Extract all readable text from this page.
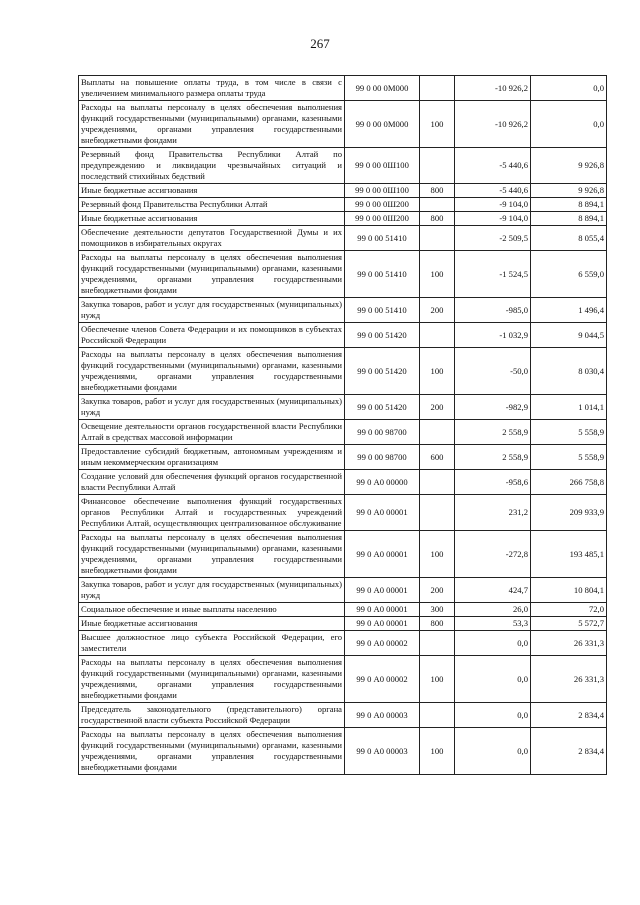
267
Выплаты на повышение оплаты труда, в том числе в связи с увеличением минимального размера оплаты труда	99 0 00 0М000		-10 926,2	0,0
Расходы на выплаты персоналу в целях обеспечения выполнения функций государственными (муниципальными) органами, казенными учреждениями, органами управления государственными внебюджетными фондами	99 0 00 0М000	100	-10 926,2	0,0
Резервный фонд Правительства Республики Алтай по предупреждению и ликвидации чрезвычайных ситуаций и последствий стихийных бедствий	99 0 00 0Ш100		-5 440,6	9 926,8
Иные бюджетные ассигнования	99 0 00 0Ш100	800	-5 440,6	9 926,8
Резервный фонд Правительства Республики Алтай	99 0 00 0Ш200		-9 104,0	8 894,1
Иные бюджетные ассигнования	99 0 00 0Ш200	800	-9 104,0	8 894,1
Обеспечение деятельности депутатов Государственной Думы и их помощников в избирательных округах	99 0 00 51410		-2 509,5	8 055,4
Расходы на выплаты персоналу в целях обеспечения выполнения функций государственными (муниципальными) органами, казенными учреждениями, органами управления государственными внебюджетными фондами	99 0 00 51410	100	-1 524,5	6 559,0
Закупка товаров, работ и услуг для государственных (муниципальных) нужд	99 0 00 51410	200	-985,0	1 496,4
Обеспечение членов Совета Федерации и их помощников в субъектах Российской Федерации	99 0 00 51420		-1 032,9	9 044,5
Расходы на выплаты персоналу в целях обеспечения выполнения функций государственными (муниципальными) органами, казенными учреждениями, органами управления государственными внебюджетными фондами	99 0 00 51420	100	-50,0	8 030,4
Закупка товаров, работ и услуг для государственных (муниципальных) нужд	99 0 00 51420	200	-982,9	1 014,1
Освещение деятельности органов государственной власти Республики Алтай в средствах массовой информации	99 0 00 98700		2 558,9	5 558,9
Предоставление субсидий бюджетным, автономным учреждениям и иным некоммерческим организациям	99 0 00 98700	600	2 558,9	5 558,9
Создание условий для обеспечения функций органов государственной власти Республики Алтай	99 0 А0 00000		-958,6	266 758,8
Финансовое обеспечение выполнения функций государственных органов Республики Алтай и государственных учреждений Республики Алтай, осуществляющих централизованное обслуживание	99 0 А0 00001		231,2	209 933,9
Расходы на выплаты персоналу в целях обеспечения выполнения функций государственными (муниципальными) органами, казенными учреждениями, органами управления государственными внебюджетными фондами	99 0 А0 00001	100	-272,8	193 485,1
Закупка товаров, работ и услуг для государственных (муниципальных) нужд	99 0 А0 00001	200	424,7	10 804,1
Социальное обеспечение и иные выплаты населению	99 0 А0 00001	300	26,0	72,0
Иные бюджетные ассигнования	99 0 А0 00001	800	53,3	5 572,7
Высшее должностное лицо субъекта Российской Федерации, его заместители	99 0 А0 00002		0,0	26 331,3
Расходы на выплаты персоналу в целях обеспечения выполнения функций государственными (муниципальными) органами, казенными учреждениями, органами управления государственными внебюджетными фондами	99 0 А0 00002	100	0,0	26 331,3
Председатель законодательного (представительного) органа государственной власти субъекта Российской Федерации	99 0 А0 00003		0,0	2 834,4
Расходы на выплаты персоналу в целях обеспечения выполнения функций государственными (муниципальными) органами, казенными учреждениями, органами управления государственными внебюджетными фондами	99 0 А0 00003	100	0,0	2 834,4
